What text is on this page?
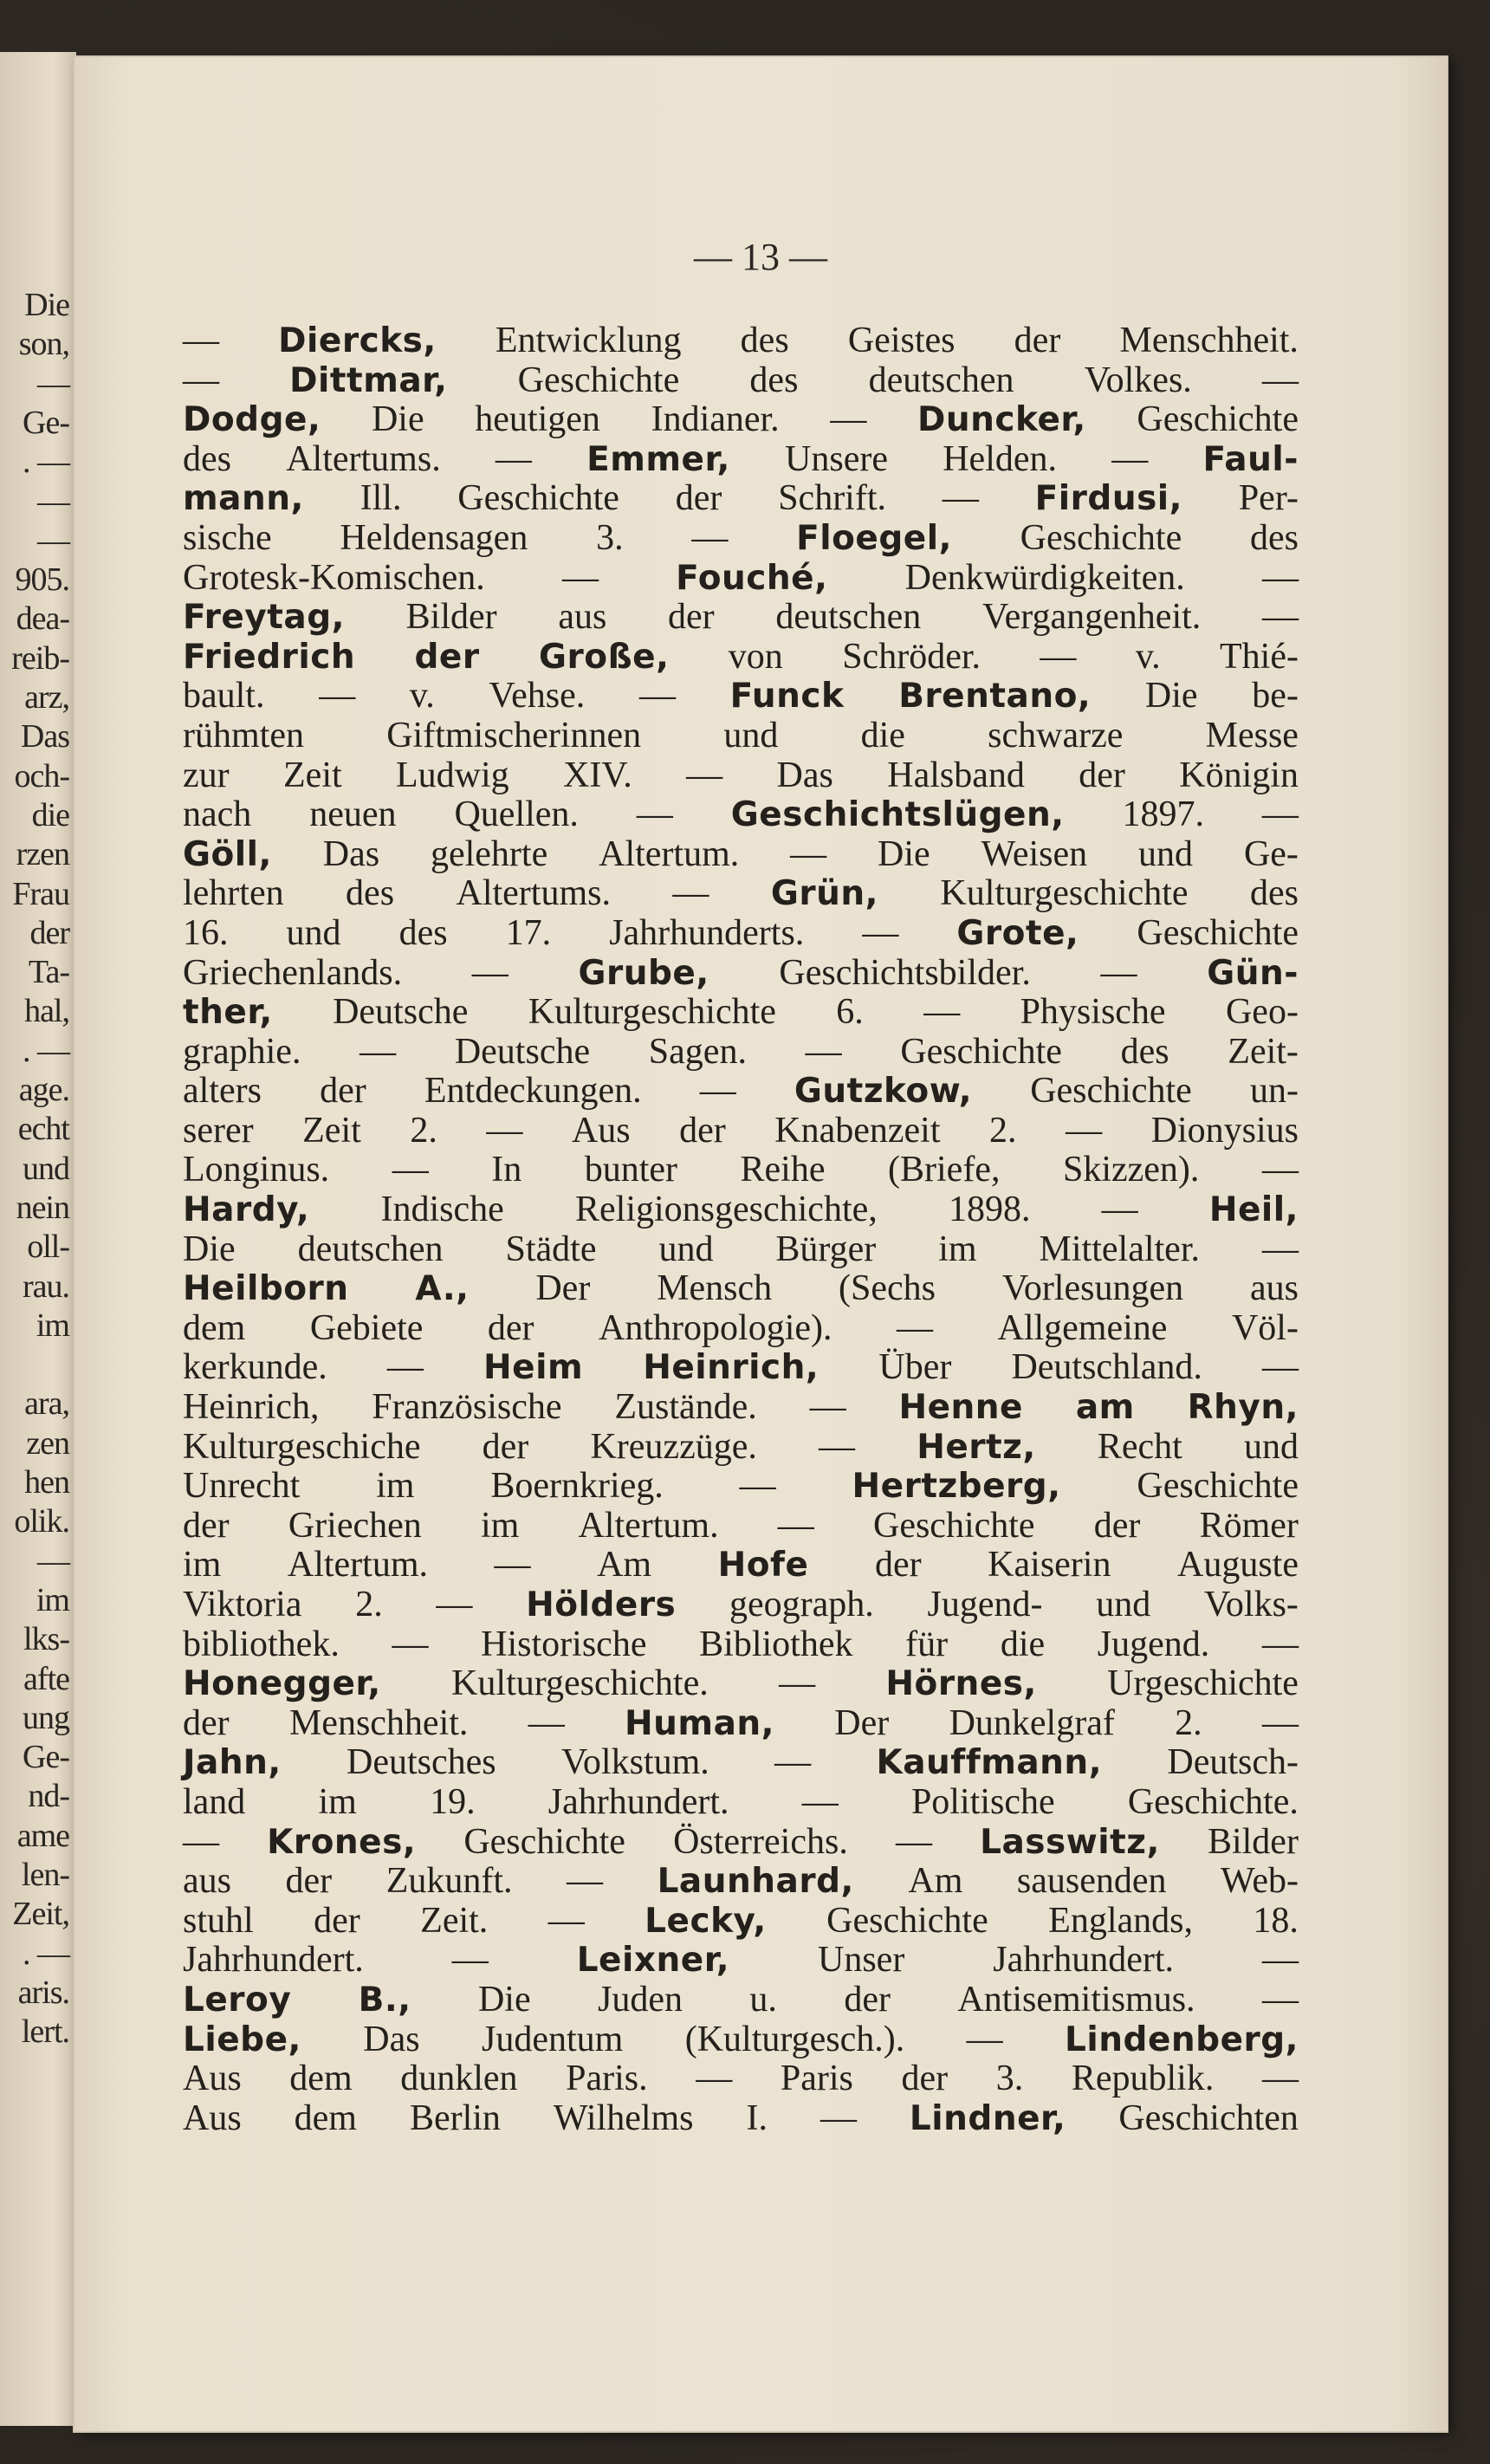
Die
son,
—
Ge-
. —
—
—
905.
dea-
reib-
arz,
Das
och-
die
rzen
Frau
der
Ta-
hal,
. —
age.
echt
und
nein
oll-
rau.
im
ara,
zen
hen
olik.
—
im
lks-
afte
ung
Ge-
nd-
ame
len-
Zeit,
. —
aris.
lert.
— 13 —
— Diercks, Entwicklung des Geistes der Menschheit.
— Dittmar, Geschichte des deutschen Volkes. —
Dodge, Die heutigen Indianer. — Duncker, Geschichte
des Altertums. — Emmer, Unsere Helden. — Faul-
mann, Ill. Geschichte der Schrift. — Firdusi, Per-
sische Heldensagen 3. — Floegel, Geschichte des
Grotesk-Komischen. — Fouché, Denkwürdigkeiten. —
Freytag, Bilder aus der deutschen Vergangenheit. —
Friedrich der Große, von Schröder. — v. Thié-
bault. — v. Vehse. — Funck Brentano, Die be-
rühmten Giftmischerinnen und die schwarze Messe
zur Zeit Ludwig XIV. — Das Halsband der Königin
nach neuen Quellen. — Geschichtslügen, 1897. —
Göll, Das gelehrte Altertum. — Die Weisen und Ge-
lehrten des Altertums. — Grün, Kulturgeschichte des
16. und des 17. Jahrhunderts. — Grote, Geschichte
Griechenlands. — Grube, Geschichtsbilder. — Gün-
ther, Deutsche Kulturgeschichte 6. — Physische Geo-
graphie. — Deutsche Sagen. — Geschichte des Zeit-
alters der Entdeckungen. — Gutzkow, Geschichte un-
serer Zeit 2. — Aus der Knabenzeit 2. — Dionysius
Longinus. — In bunter Reihe (Briefe, Skizzen). —
Hardy, Indische Religionsgeschichte, 1898. — Heil,
Die deutschen Städte und Bürger im Mittelalter. —
Heilborn A., Der Mensch (Sechs Vorlesungen aus
dem Gebiete der Anthropologie). — Allgemeine Völ-
kerkunde. — Heim Heinrich, Über Deutschland. —
Heinrich, Französische Zustände. — Henne am Rhyn,
Kulturgeschiche der Kreuzzüge. — Hertz, Recht und
Unrecht im Boernkrieg. — Hertzberg, Geschichte
der Griechen im Altertum. — Geschichte der Römer
im Altertum. — Am Hofe der Kaiserin Auguste
Viktoria 2. — Hölders geograph. Jugend- und Volks-
bibliothek. — Historische Bibliothek für die Jugend. —
Honegger, Kulturgeschichte. — Hörnes, Urgeschichte
der Menschheit. — Human, Der Dunkelgraf 2. —
Jahn, Deutsches Volkstum. — Kauffmann, Deutsch-
land im 19. Jahrhundert. — Politische Geschichte.
— Krones, Geschichte Österreichs. — Lasswitz, Bilder
aus der Zukunft. — Launhard, Am sausenden Web-
stuhl der Zeit. — Lecky, Geschichte Englands, 18.
Jahrhundert. —	Leixner, Unser Jahrhundert. —
Leroy B., Die Juden u. der Antisemitismus. —
Liebe, Das Judentum (Kulturgesch.). — Lindenberg,
Aus dem dunklen Paris. — Paris der 3. Republik. —
Aus dem Berlin Wilhelms I. — Lindner, Geschichten
